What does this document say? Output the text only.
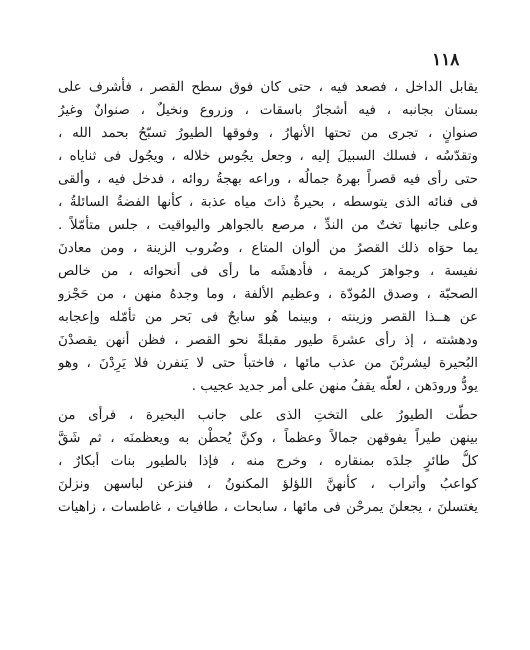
١١٨
يقابل الداخل ، فصعد فيه ، حتى كان فوق سطح القصر ، فأشرف على
بستان بجانبه ، فيه أشجارٌ باسقات ، وزروع ونخيلٌ ، صنوانٌ وغيرُ
صنوانٍ ، تجرى من تحتها الأنهارُ ، وفوقها الطيورُ تسبّحُ بحمد الله ،
وتقدّسُه ، فسلك السبيلَ إليه ، وجعل يجُوس خلاله ، ويجُول فى ثناياه ،
حتى رأى فيه قصراً بهرهُ جمالُه ، وراعه بهجةُ روائه ، فدخل فيه ، وألقى
فى فنائه الذى يتوسطه ، بحيرةٌ ذاتَ مياه عذبة ، كأنها الفضةُ السائلةُ ،
وعلى جانبها تختٌ من الندِّ ، مرصع بالجواهر واليواقيت ، جلس متأمّلاً .
يما حوَاه ذلك القصرُ من ألوان المتاع ، وضُروب الزينة ، ومن معادنَ
نفيسة ، وجواهرَ كريمة ، فأدهشَه ما رأى فى أنحوائه ، من خالص
الصحبّة ، وصدق المُودّة ، وعظيم الألفة ، وما وجدهُ منهن ، من حَجْزو
عن هــذا القصر وزينته ، وبينما هُو سابحٌ فى بَحر من تأمّله وإعجابه
ودهشته ، إذ رأى عشرةَ طيور مقبلةً نحو القصر ، فظن أنهن يقصدْنَ
البُحيرة ليشربْنَ من عذب مائها ، فاختبأ حتى لا يَنفرن فلا يَرِدْنَ ، وهو
يودُّ ورودَهن ، لعلّه يقفُ منهن على أمر جديد عجيب .
حطّت الطيورُ على التختِ الذى على جانب البحيرة ، فرأى من
بينهن طيراً يفوقهن جمالاً وعظماً ، وكنَّ يُحطْن به ويعظمنَه ، ثم شَقَّ
كلُّ طائرٍ جلدَه بمنقاره ، وخرج منه ، فإذا بالطيور بنات أبكارٌ ،
كواعبُ وأتراب ، كأنهنَّ اللؤلؤ المكنونُ ، فنزعن لباسهن ونزلنَ
يغتسلنَ ، يجعلنَ يمرحْن فى مائها ، سابحات ، طافيات ، غاطسات ، زاهيات
